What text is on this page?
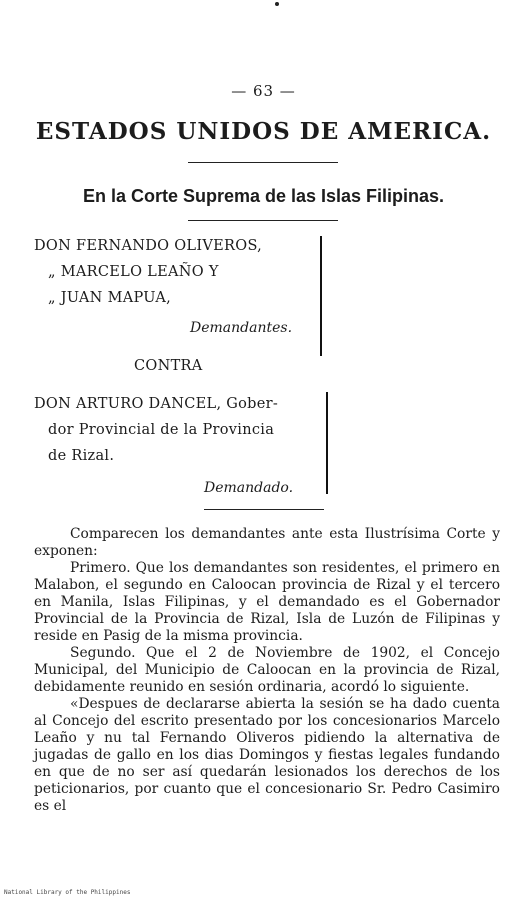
— 63 —
ESTADOS UNIDOS DE AMERICA.
En la Corte Suprema de las Islas Filipinas.
DON FERNANDO OLIVEROS,
„ MARCELO LEAÑO Y
„ JUAN MAPUA,
Demandantes.
CONTRA
DON ARTURO DANCEL, Gober-
dor Provincial de la Provincia
de Rizal.
Demandado.

Comparecen los demandantes ante esta Ilustrísima Corte y exponen:

Primero. Que los demandantes son residentes, el primero en Malabon, el segundo en Caloocan provincia de Rizal y el tercero en Manila, Islas Filipinas, y el demandado es el Gobernador Provincial de la Provincia de Rizal, Isla de Luzón de Filipinas y reside en Pasig de la misma provincia.

Segundo. Que el 2 de Noviembre de 1902, el Concejo Municipal, del Municipio de Caloocan en la provincia de Rizal, debidamente reunido en sesión ordinaria, acordó lo siguiente.

«Despues de declararse abierta la sesión se ha dado cuenta al Concejo del escrito presentado por los concesionarios Marcelo Leaño y nu tal Fernando Oliveros pidiendo la alternativa de jugadas de gallo en los dias Domingos y fiestas legales fundando en que de no ser así quedarán lesionados los derechos de los peticionarios, por cuanto que el concesionario Sr. Pedro Casimiro es el

National Library of the Philippines
